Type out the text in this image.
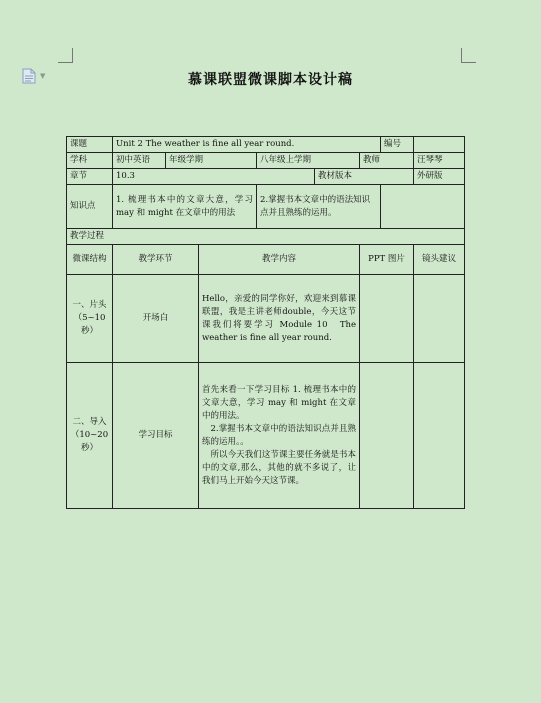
▼	慕课联盟微课脚本设计稿
课题	Unit 2 The weather is fine all year round.						编号	
学科	初中英语	年级学期		八年级上学期		教师		汪琴琴
章节	10.3				教材版本			外研版
知识点	1. 梳理书本中的文章大意，学习 may 和 might 在文章中的用法			2.掌握书本文章中的语法知识点并且熟练的运用。				
教学过程								
微课结构	教学环节		教学内容			PPT 图片		镜头建议
一、片头（5~10秒）	开场白		Hello，亲爱的同学你好，欢迎来到慕课联盟，我是主讲老师double，今天这节课我们将要学习 Module 10　The weather is fine all year round.					
二、导入（10~20秒）	学习目标		首先来看一下学习目标 1. 梳理书本中的文章大意，学习 may 和 might 在文章中的用法。
2.掌握书本文章中的语法知识点并且熟练的运用。。
所以今天我们这节课主要任务就是书本中的文章,那么，其他的就不多说了，让我们马上开始今天这节课。					
